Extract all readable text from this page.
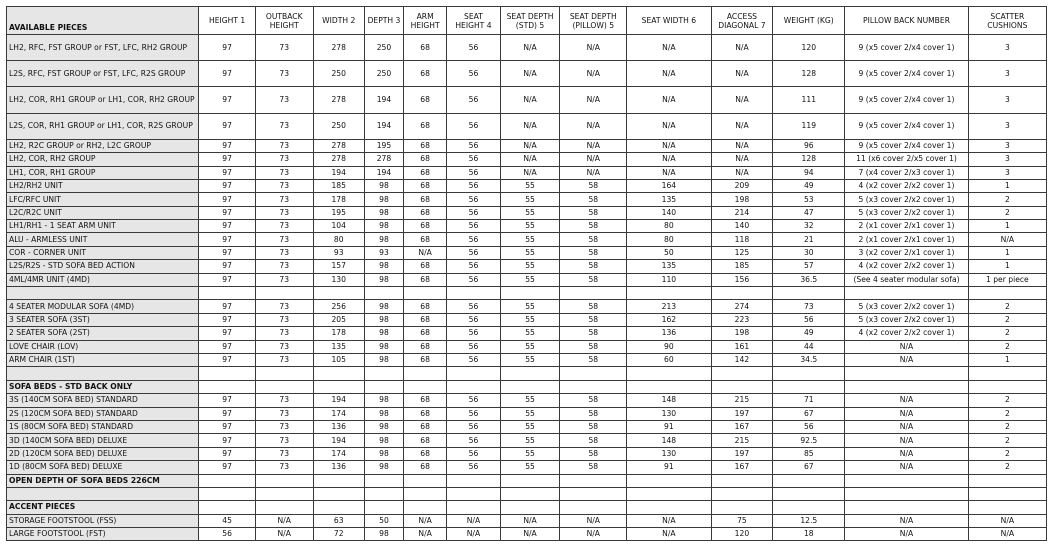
AVAILABLE PIECES	HEIGHT 1	OUTBACK HEIGHT	WIDTH 2	DEPTH 3	ARM HEIGHT	SEAT HEIGHT 4	SEAT DEPTH (STD) 5	SEAT DEPTH (PILLOW) 5	SEAT WIDTH 6	ACCESS DIAGONAL 7	WEIGHT (KG)	PILLOW BACK NUMBER	SCATTER CUSHIONS
LH2, RFC, FST GROUP or FST, LFC, RH2 GROUP	97	73	278	250	68	56	N/A	N/A	N/A	N/A	120	9 (x5 cover 2/x4 cover 1)	3
L2S, RFC, FST GROUP or FST, LFC, R2S GROUP	97	73	250	250	68	56	N/A	N/A	N/A	N/A	128	9 (x5 cover 2/x4 cover 1)	3
LH2, COR, RH1 GROUP or LH1, COR, RH2 GROUP	97	73	278	194	68	56	N/A	N/A	N/A	N/A	111	9 (x5 cover 2/x4 cover 1)	3
L2S, COR, RH1 GROUP or LH1, COR, R2S GROUP	97	73	250	194	68	56	N/A	N/A	N/A	N/A	119	9 (x5 cover 2/x4 cover 1)	3
LH2, R2C GROUP or RH2, L2C GROUP	97	73	278	195	68	56	N/A	N/A	N/A	N/A	96	9 (x5 cover 2/x4 cover 1)	3
LH2, COR, RH2 GROUP	97	73	278	278	68	56	N/A	N/A	N/A	N/A	128	11 (x6 cover 2/x5 cover 1)	3
LH1, COR, RH1 GROUP	97	73	194	194	68	56	N/A	N/A	N/A	N/A	94	7 (x4 cover 2/x3 cover 1)	3
LH2/RH2 UNIT	97	73	185	98	68	56	55	58	164	209	49	4 (x2 cover 2/x2 cover 1)	1
LFC/RFC UNIT	97	73	178	98	68	56	55	58	135	198	53	5 (x3 cover 2/x2 cover 1)	2
L2C/R2C UNIT	97	73	195	98	68	56	55	58	140	214	47	5 (x3 cover 2/x2 cover 1)	2
LH1/RH1 - 1 SEAT ARM UNIT	97	73	104	98	68	56	55	58	80	140	32	2 (x1 cover 2/x1 cover 1)	1
ALU - ARMLESS UNIT	97	73	80	98	68	56	55	58	80	118	21	2 (x1 cover 2/x1 cover 1)	N/A
COR - CORNER UNIT	97	73	93	93	N/A	56	55	58	50	125	30	3 (x2 cover 2/x1 cover 1)	1
L2S/R2S - STD SOFA BED ACTION	97	73	157	98	68	56	55	58	135	185	57	4 (x2 cover 2/x2 cover 1)	1
4ML/4MR UNIT (4MD)	97	73	130	98	68	56	55	58	110	156	36.5	(See 4 seater modular sofa)	1 per piece

4 SEATER MODULAR SOFA (4MD)	97	73	256	98	68	56	55	58	213	274	73	5 (x3 cover 2/x2 cover 1)	2
3 SEATER SOFA (3ST)	97	73	205	98	68	56	55	58	162	223	56	5 (x3 cover 2/x2 cover 1)	2
2 SEATER SOFA (2ST)	97	73	178	98	68	56	55	58	136	198	49	4 (x2 cover 2/x2 cover 1)	2
LOVE CHAIR (LOV)	97	73	135	98	68	56	55	58	90	161	44	N/A	2
ARM CHAIR (1ST)	97	73	105	98	68	56	55	58	60	142	34.5	N/A	1

SOFA BEDS - STD BACK ONLY													
3S (140CM SOFA BED) STANDARD	97	73	194	98	68	56	55	58	148	215	71	N/A	2
2S (120CM SOFA BED) STANDARD	97	73	174	98	68	56	55	58	130	197	67	N/A	2
1S (80CM SOFA BED) STANDARD	97	73	136	98	68	56	55	58	91	167	56	N/A	2
3D (140CM SOFA BED) DELUXE	97	73	194	98	68	56	55	58	148	215	92.5	N/A	2
2D (120CM SOFA BED) DELUXE	97	73	174	98	68	56	55	58	130	197	85	N/A	2
1D (80CM SOFA BED) DELUXE	97	73	136	98	68	56	55	58	91	167	67	N/A	2
OPEN DEPTH OF SOFA BEDS 226CM													

ACCENT PIECES													
STORAGE FOOTSTOOL (FSS)	45	N/A	63	50	N/A	N/A	N/A	N/A	N/A	75	12.5	N/A	N/A
LARGE FOOTSTOOL (FST)	56	N/A	72	98	N/A	N/A	N/A	N/A	N/A	120	18	N/A	N/A
